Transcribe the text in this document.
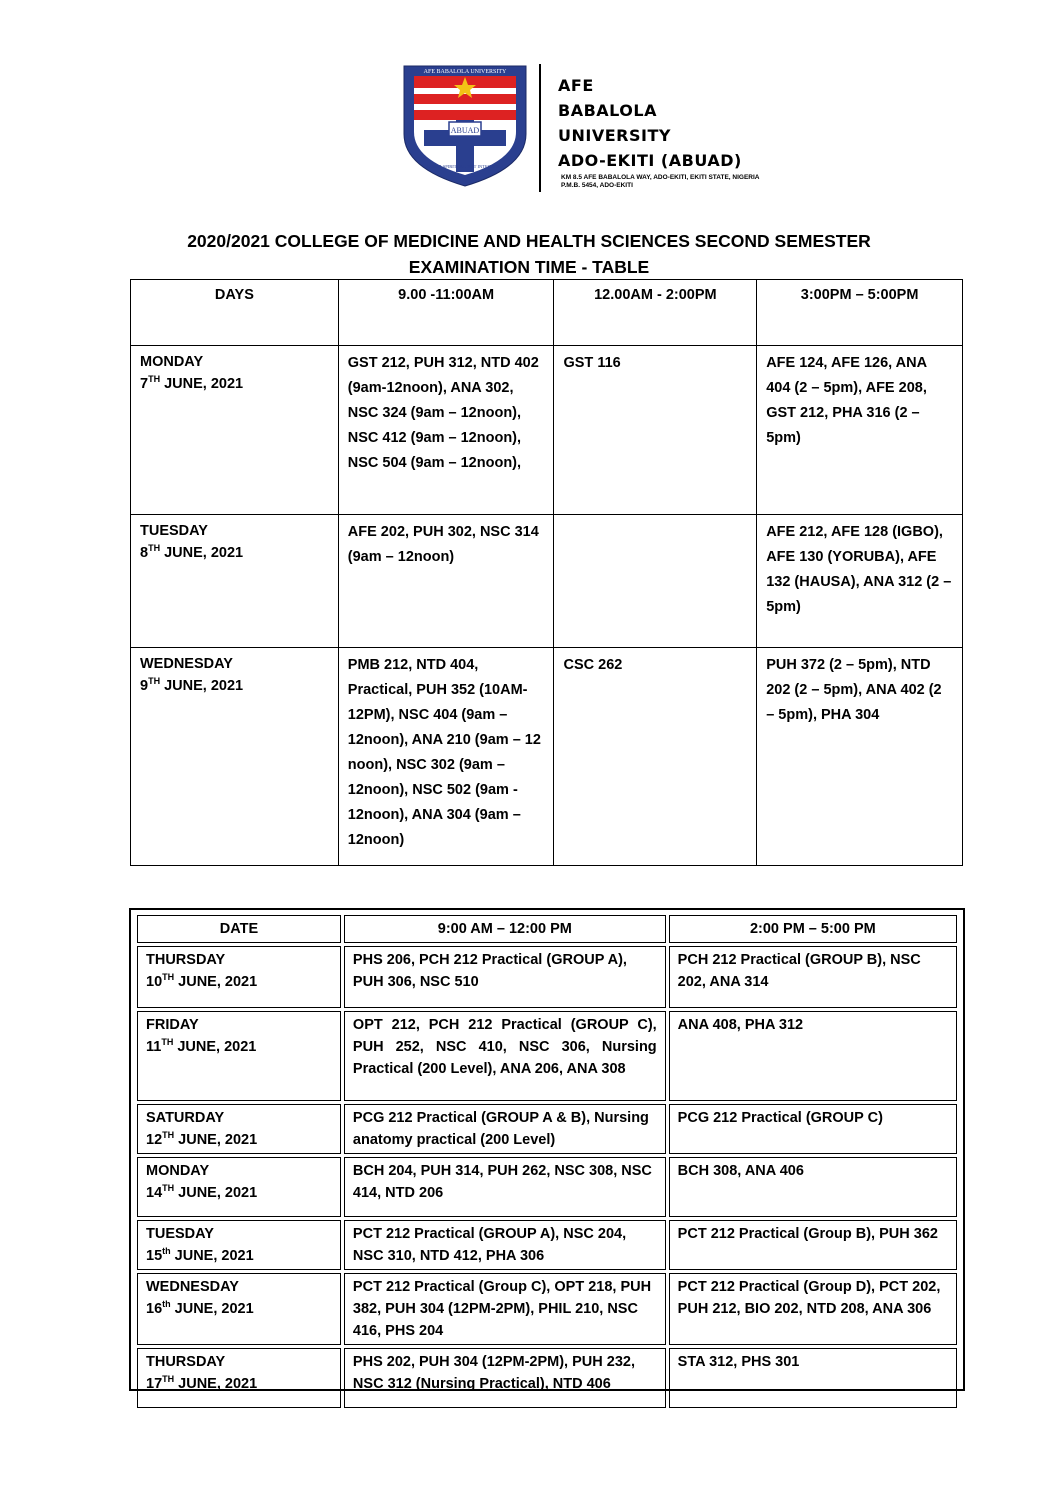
ABUAD
AFE BABALOLA UNIVERSITY
LABOR SPIRITUALIS ET INTEGRITAS
AFE
BABALOLA
UNIVERSITY
ADO-EKITI (ABUAD)
KM 8.5 AFE BABALOLA WAY, ADO-EKITI, EKITI STATE, NIGERIA
P.M.B. 5454, ADO-EKITI
2020/2021 COLLEGE OF MEDICINE AND HEALTH SCIENCES SECOND SEMESTER
EXAMINATION TIME - TABLE
DAYS	9.00 -11:00AM	12.00AM - 2:00PM	3:00PM – 5:00PM

MONDAY
7TH JUNE, 2021	GST 212, PUH 312, NTD 402 (9am-12noon), ANA 302, NSC 324 (9am – 12noon), NSC 412 (9am – 12noon), NSC 504 (9am – 12noon),	GST 116	AFE 124, AFE 126, ANA 404 (2 – 5pm), AFE 208, GST 212, PHA 316 (2 – 5pm)

TUESDAY
8TH JUNE, 2021	AFE 202, PUH 302, NSC 314 (9am – 12noon)		AFE 212, AFE 128 (IGBO), AFE 130 (YORUBA), AFE 132 (HAUSA), ANA 312 (2 – 5pm)

WEDNESDAY
9TH JUNE, 2021	PMB 212, NTD 404, Practical, PUH 352 (10AM-12PM), NSC 404 (9am – 12noon), ANA 210 (9am – 12 noon), NSC 302 (9am – 12noon), NSC 502 (9am - 12noon), ANA 304 (9am – 12noon)	CSC 262	PUH 372 (2 – 5pm), NTD 202 (2 – 5pm), ANA 402 (2 – 5pm), PHA 304
DATE	9:00 AM – 12:00 PM	2:00 PM – 5:00 PM

THURSDAY
10TH JUNE, 2021	PHS 206, PCH 212 Practical (GROUP A), PUH 306, NSC 510	PCH 212 Practical (GROUP B), NSC 202, ANA 314

FRIDAY
11TH JUNE, 2021	OPT 212, PCH 212 Practical (GROUP C), PUH 252, NSC 410, NSC 306, Nursing Practical (200 Level), ANA 206, ANA 308	ANA 408, PHA 312

SATURDAY
12TH JUNE, 2021	PCG 212 Practical (GROUP A & B), Nursing anatomy practical (200 Level)	PCG 212 Practical (GROUP C)

MONDAY
14TH JUNE, 2021	BCH 204, PUH 314, PUH 262, NSC 308, NSC 414, NTD 206	BCH 308, ANA 406

TUESDAY
15th JUNE, 2021	PCT 212 Practical (GROUP A), NSC 204, NSC 310, NTD 412, PHA 306	PCT 212 Practical (Group B), PUH 362

WEDNESDAY
16th JUNE, 2021	PCT 212 Practical (Group C), OPT 218, PUH 382, PUH 304 (12PM-2PM), PHIL 210, NSC 416, PHS 204	PCT 212 Practical (Group D), PCT 202, PUH 212, BIO 202, NTD 208, ANA 306

THURSDAY
17TH JUNE, 2021	PHS 202, PUH 304 (12PM-2PM), PUH 232, NSC 312 (Nursing Practical), NTD 406	STA 312, PHS 301
